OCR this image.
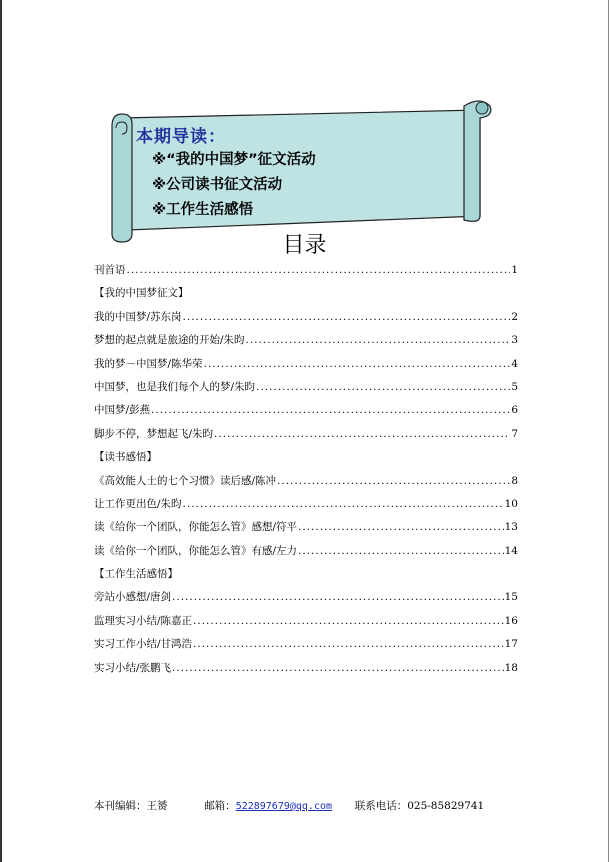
本期导读：
※“我的中国梦”征文活动
※公司读书征文活动
※工作生活感悟
目录
刊首语 .....	1
【我的中国梦征文】
我的中国梦/苏东岗 .....	2
梦想的起点就是旅途的开始/朱昀 .....	3
我的梦－中国梦/陈华荣 .....	4
中国梦，也是我们每个人的梦/朱昀 .....	5
中国梦/彭燕 .....	6
脚步不停，梦想起飞/朱昀 .....	7
【读书感悟】
《高效能人士的七个习惯》读后感/陈冲 .....	8
让工作更出色/朱昀 .....	10
读《给你一个团队，你能怎么管》感想/符平 .....	13
读《给你一个团队，你能怎么管》有感/左力 .....	14
【工作生活感悟】
旁站小感想/唐剑 .....	15
监理实习小结/陈嘉正 .....	16
实习工作小结/甘鸿浩 .....	17
实习小结/张鹏飞 .....	18
本刊编辑：王赟	邮箱：522897679@qq.com 联系电话：025-85829741
